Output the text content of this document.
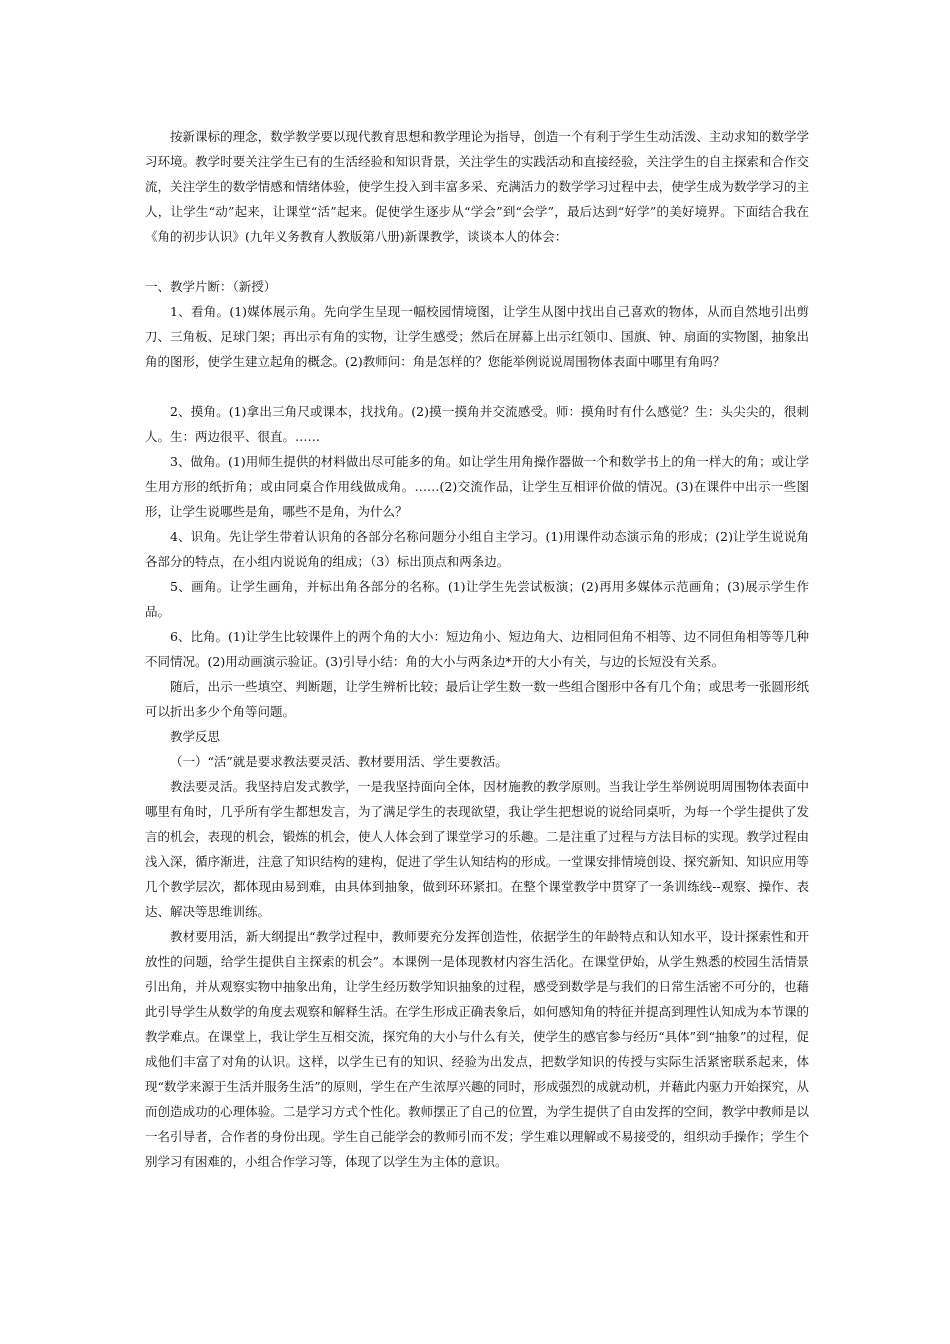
按新课标的理念，数学教学要以现代教育思想和教学理论为指导，创造一个有利于学生生动活泼、主动求知的数学学习环境。教学时要关注学生已有的生活经验和知识背景，关注学生的实践活动和直接经验，关注学生的自主探索和合作交流，关注学生的数学情感和情绪体验，使学生投入到丰富多采、充满活力的数学学习过程中去，使学生成为数学学习的主人，让学生“动”起来，让课堂“活”起来。促使学生逐步从“学会”到“会学”，最后达到“好学”的美好境界。下面结合我在《角的初步认识》(九年义务教育人教版第八册)新课教学，谈谈本人的体会：

一、教学片断：（新授）

1、看角。(1)媒体展示角。先向学生呈现一幅校园情境图，让学生从图中找出自己喜欢的物体，从而自然地引出剪刀、三角板、足球门架；再出示有角的实物，让学生感受；然后在屏幕上出示红领巾、国旗、钟、扇面的实物图，抽象出角的图形，使学生建立起角的概念。(2)教师问：角是怎样的？您能举例说说周围物体表面中哪里有角吗？

2、摸角。(1)拿出三角尺或课本，找找角。(2)摸一摸角并交流感受。师：摸角时有什么感觉？生：头尖尖的，很刺人。生：两边很平、很直。……

3、做角。(1)用师生提供的材料做出尽可能多的角。如让学生用角操作器做一个和数学书上的角一样大的角；或让学生用方形的纸折角；或由同桌合作用线做成角。……(2)交流作品，让学生互相评价做的情况。(3)在课件中出示一些图形，让学生说哪些是角，哪些不是角，为什么？

4、识角。先让学生带着认识角的各部分名称问题分小组自主学习。(1)用课件动态演示角的形成；(2)让学生说说角各部分的特点，在小组内说说角的组成；（3）标出顶点和两条边。

5、画角。让学生画角，并标出角各部分的名称。(1)让学生先尝试板演；(2)再用多媒体示范画角；(3)展示学生作品。

6、比角。(1)让学生比较课件上的两个角的大小：短边角小、短边角大、边相同但角不相等、边不同但角相等等几种不同情况。(2)用动画演示验证。(3)引导小结：角的大小与两条边*开的大小有关，与边的长短没有关系。

随后，出示一些填空、判断题，让学生辨析比较；最后让学生数一数一些组合图形中各有几个角；或思考一张圆形纸可以折出多少个角等问题。

教学反思

（一）“活”就是要求教法要灵活、教材要用活、学生要教活。

教法要灵活。我坚持启发式教学，一是我坚持面向全体，因材施教的教学原则。当我让学生举例说明周围物体表面中哪里有角时，几乎所有学生都想发言，为了满足学生的表现欲望，我让学生把想说的说给同桌听，为每一个学生提供了发言的机会，表现的机会，锻炼的机会，使人人体会到了课堂学习的乐趣。二是注重了过程与方法目标的实现。教学过程由浅入深，循序渐进，注意了知识结构的建构，促进了学生认知结构的形成。一堂课安排情境创设、探究新知、知识应用等几个教学层次，都体现由易到难，由具体到抽象，做到环环紧扣。在整个课堂教学中贯穿了一条训练线--观察、操作、表达、解决等思维训练。

教材要用活，新大纲提出“教学过程中，教师要充分发挥创造性，依据学生的年龄特点和认知水平，设计探索性和开放性的问题，给学生提供自主探索的机会”。本课例一是体现教材内容生活化。在课堂伊始，从学生熟悉的校园生活情景引出角，并从观察实物中抽象出角，让学生经历数学知识抽象的过程，感受到数学是与我们的日常生活密不可分的，也藉此引导学生从数学的角度去观察和解释生活。在学生形成正确表象后，如何感知角的特征并提高到理性认知成为本节课的教学难点。在课堂上，我让学生互相交流，探究角的大小与什么有关，使学生的感官参与经历“具体”到“抽象”的过程，促成他们丰富了对角的认识。这样，以学生已有的知识、经验为出发点，把数学知识的传授与实际生活紧密联系起来，体现“数学来源于生活并服务生活”的原则，学生在产生浓厚兴趣的同时，形成强烈的成就动机，并藉此内驱力开始探究，从而创造成功的心理体验。二是学习方式个性化。教师摆正了自己的位置，为学生提供了自由发挥的空间，教学中教师是以一名引导者，合作者的身份出现。学生自己能学会的教师引而不发；学生难以理解或不易接受的，组织动手操作；学生个别学习有困难的，小组合作学习等，体现了以学生为主体的意识。
